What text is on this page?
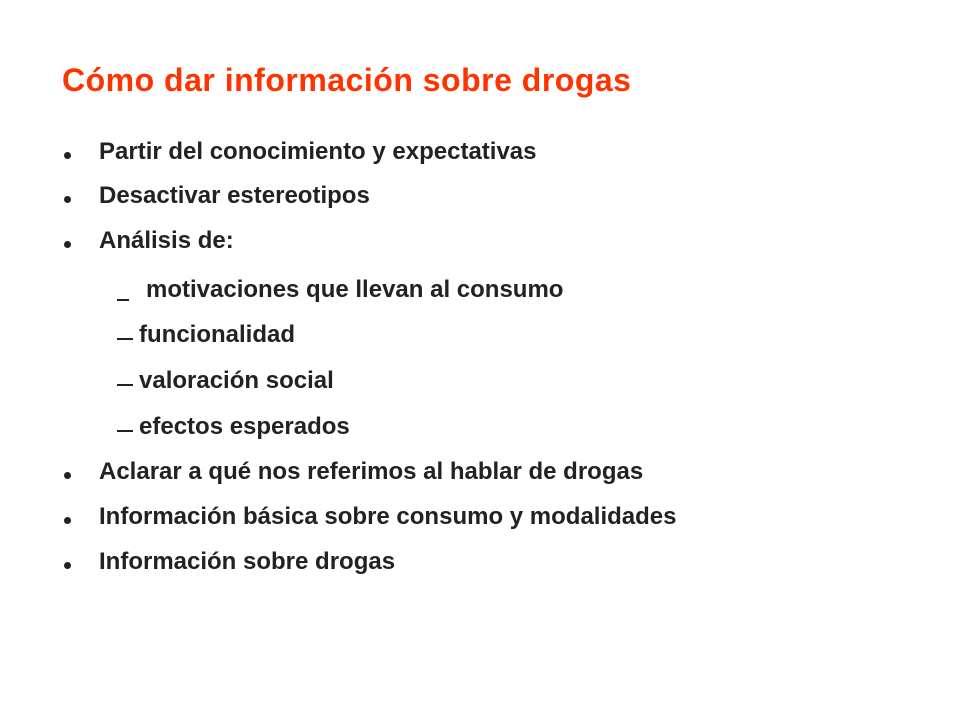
Cómo dar información sobre drogas
Partir del conocimiento y expectativas
Desactivar estereotipos
Análisis de:
motivaciones que llevan al consumo
funcionalidad
valoración social
efectos esperados
Aclarar a qué nos referimos al hablar de drogas
Información básica sobre consumo y modalidades
Información sobre drogas
